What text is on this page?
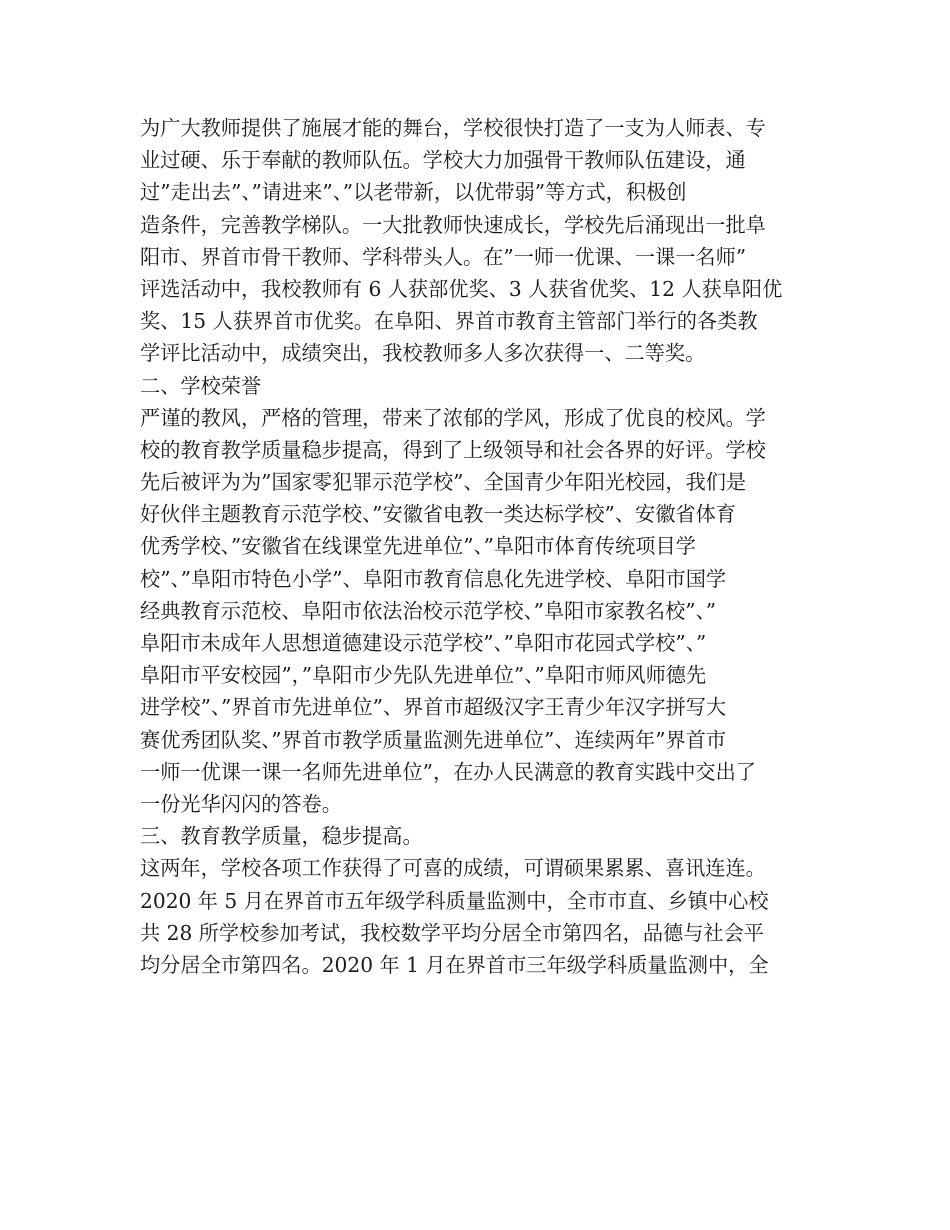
为广大教师提供了施展才能的舞台，学校很快打造了一支为人师表、专
业过硬、乐于奉献的教师队伍。学校大力加强骨干教师队伍建设，通
过”走出去”、”请进来”、”以老带新，以优带弱”等方式，积极创
造条件，完善教学梯队。一大批教师快速成长，学校先后涌现出一批阜
阳市、界首市骨干教师、学科带头人。在”一师一优课、一课一名师”
评选活动中，我校教师有 6 人获部优奖、3 人获省优奖、12 人获阜阳优
奖、15 人获界首市优奖。在阜阳、界首市教育主管部门举行的各类教
学评比活动中，成绩突出，我校教师多人多次获得一、二等奖。
二、学校荣誉
严谨的教风，严格的管理，带来了浓郁的学风，形成了优良的校风。学
校的教育教学质量稳步提高，得到了上级领导和社会各界的好评。学校
先后被评为为”国家零犯罪示范学校”、全国青少年阳光校园，我们是
好伙伴主题教育示范学校、”安徽省电教一类达标学校”、安徽省体育
优秀学校、”安徽省在线课堂先进单位”、”阜阳市体育传统项目学
校”、”阜阳市特色小学”、阜阳市教育信息化先进学校、阜阳市国学
经典教育示范校、阜阳市依法治校示范学校、”阜阳市家教名校”、”
阜阳市未成年人思想道德建设示范学校”、”阜阳市花园式学校”、”
阜阳市平安校园”，”阜阳市少先队先进单位”、”阜阳市师风师德先
进学校”、”界首市先进单位”、界首市超级汉字王青少年汉字拼写大
赛优秀团队奖、”界首市教学质量监测先进单位”、连续两年”界首市
一师一优课一课一名师先进单位”，在办人民满意的教育实践中交出了
一份光华闪闪的答卷。
三、教育教学质量，稳步提高。
这两年，学校各项工作获得了可喜的成绩，可谓硕果累累、喜讯连连。
2020 年 5 月在界首市五年级学科质量监测中，全市市直、乡镇中心校
共 28 所学校参加考试，我校数学平均分居全市第四名，品德与社会平
均分居全市第四名。2020 年 1 月在界首市三年级学科质量监测中，全
